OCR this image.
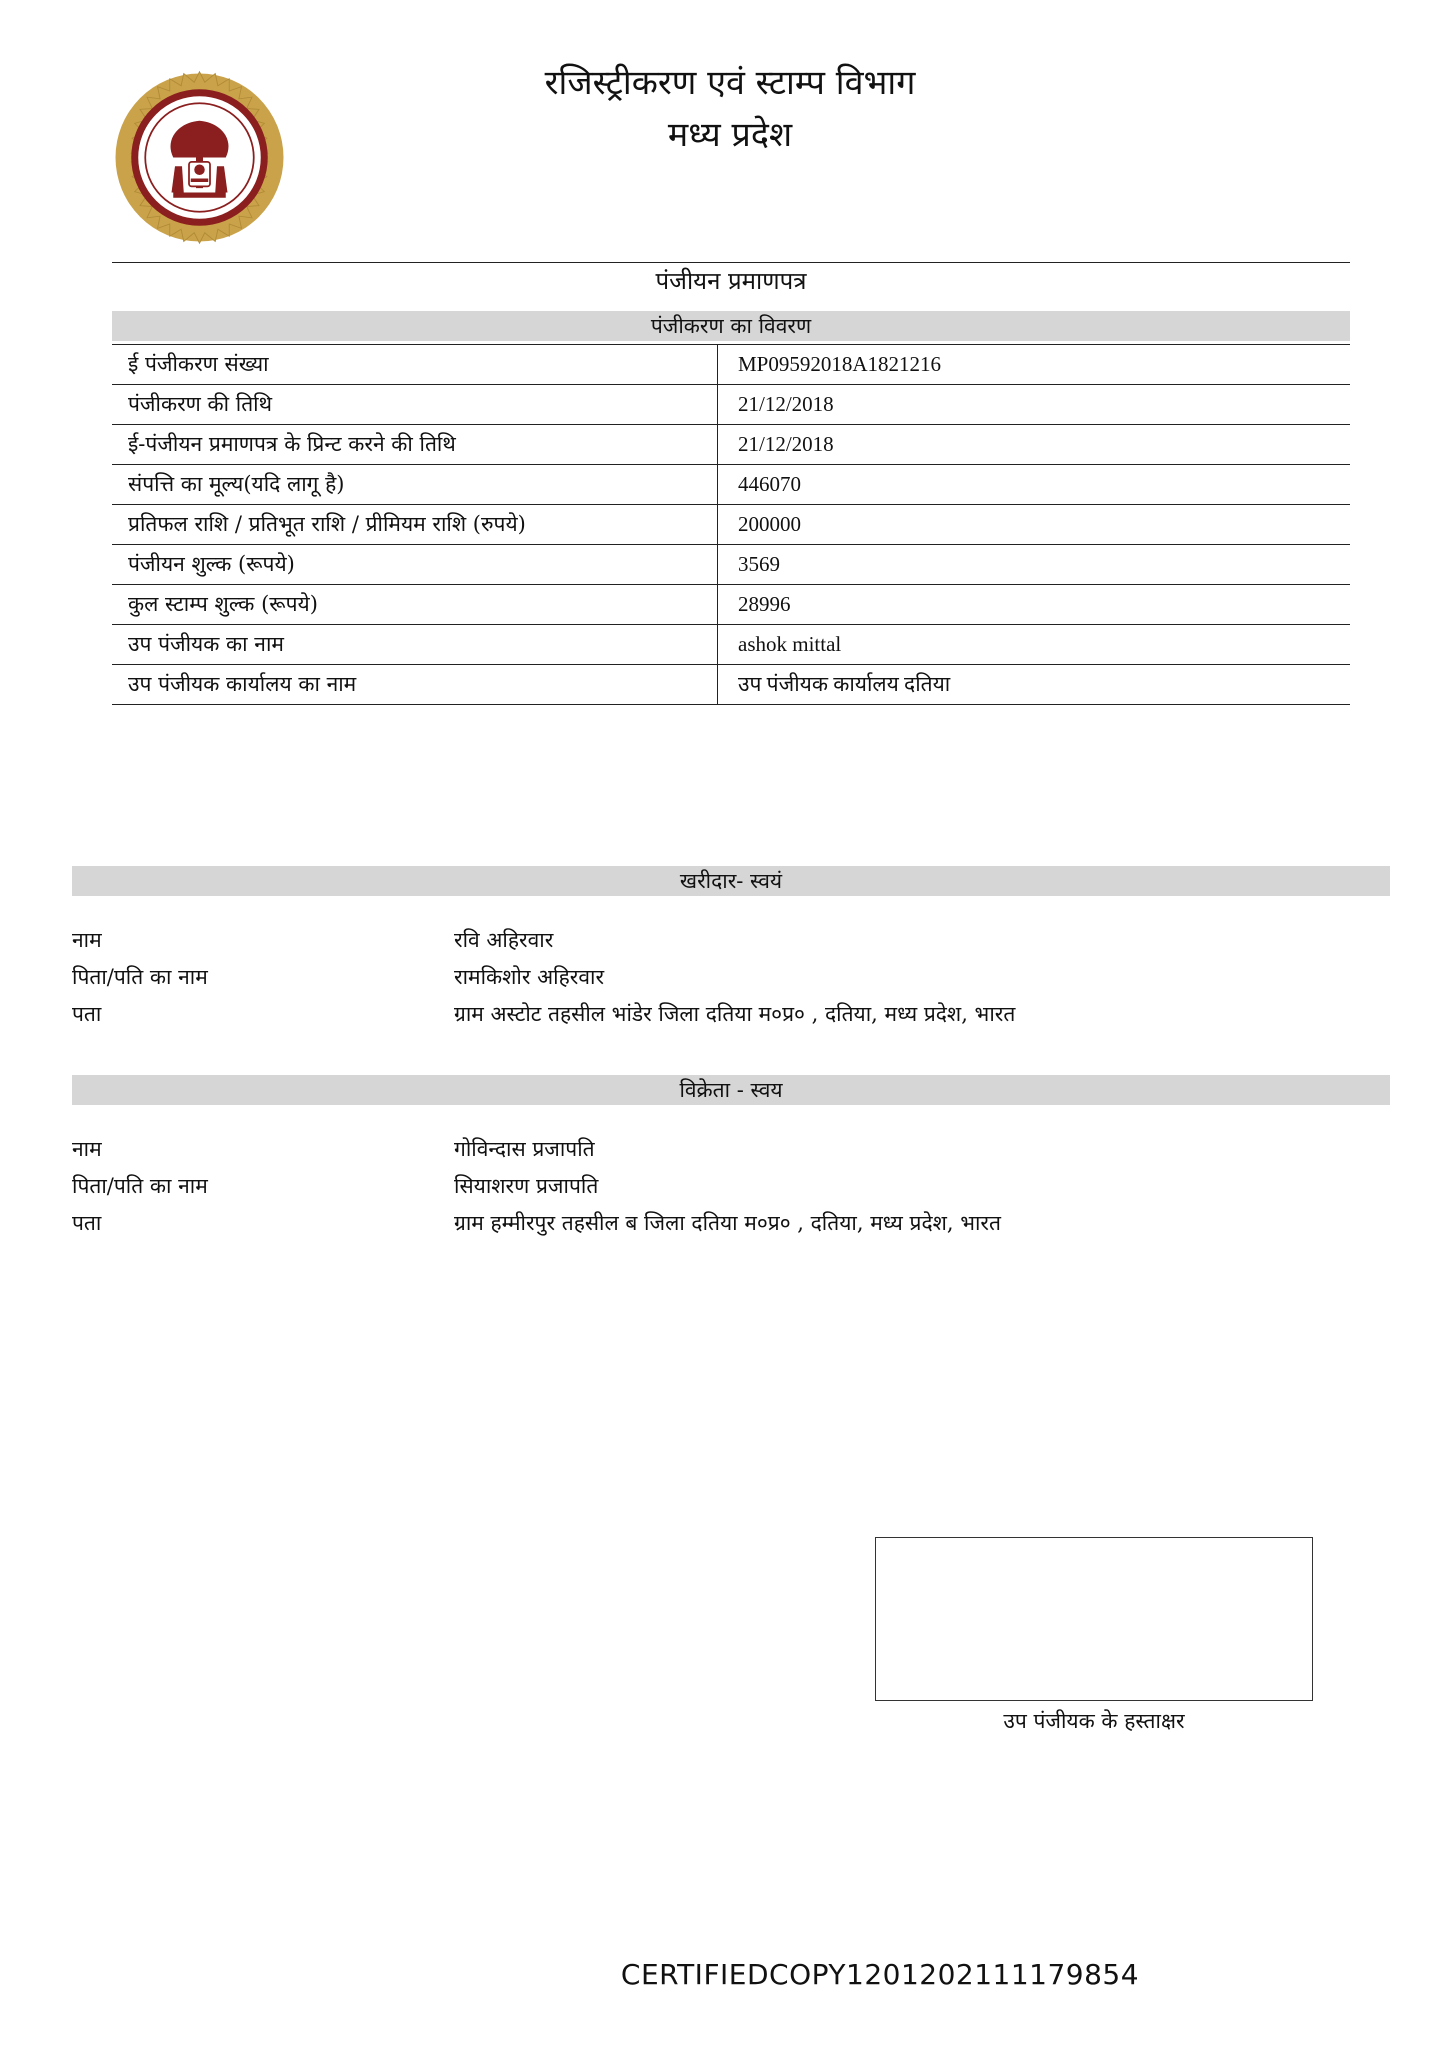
रजिस्ट्रीकरण एवं स्टाम्प विभाग
मध्य प्रदेश
पंजीयन प्रमाणपत्र
पंजीकरण का विवरण
ई पंजीकरण संख्या	MP09592018A1821216
पंजीकरण की तिथि	21/12/2018
ई-पंजीयन प्रमाणपत्र के प्रिन्ट करने की तिथि	21/12/2018
संपत्ति का मूल्य(यदि लागू है)	446070
प्रतिफल राशि / प्रतिभूत राशि / प्रीमियम राशि (रुपये)	200000
पंजीयन शुल्क (रूपये)	3569
कुल स्टाम्प शुल्क (रूपये)	28996
उप पंजीयक का नाम	ashok mittal
उप पंजीयक कार्यालय का नाम	उप पंजीयक कार्यालय दतिया
खरीदार- स्वयं
नाम	रवि अहिरवार
पिता/पति का नाम	रामकिशोर अहिरवार
पता	ग्राम अस्टोट तहसील भांडेर जिला दतिया म०प्र० , दतिया, मध्य प्रदेश, भारत
विक्रेता - स्वय
नाम	गोविन्दास प्रजापति
पिता/पति का नाम	सियाशरण प्रजापति
पता	ग्राम हम्मीरपुर तहसील ब जिला दतिया म०प्र० , दतिया, मध्य प्रदेश, भारत
उप पंजीयक के हस्ताक्षर
CERTIFIEDCOPY1201202111179854
